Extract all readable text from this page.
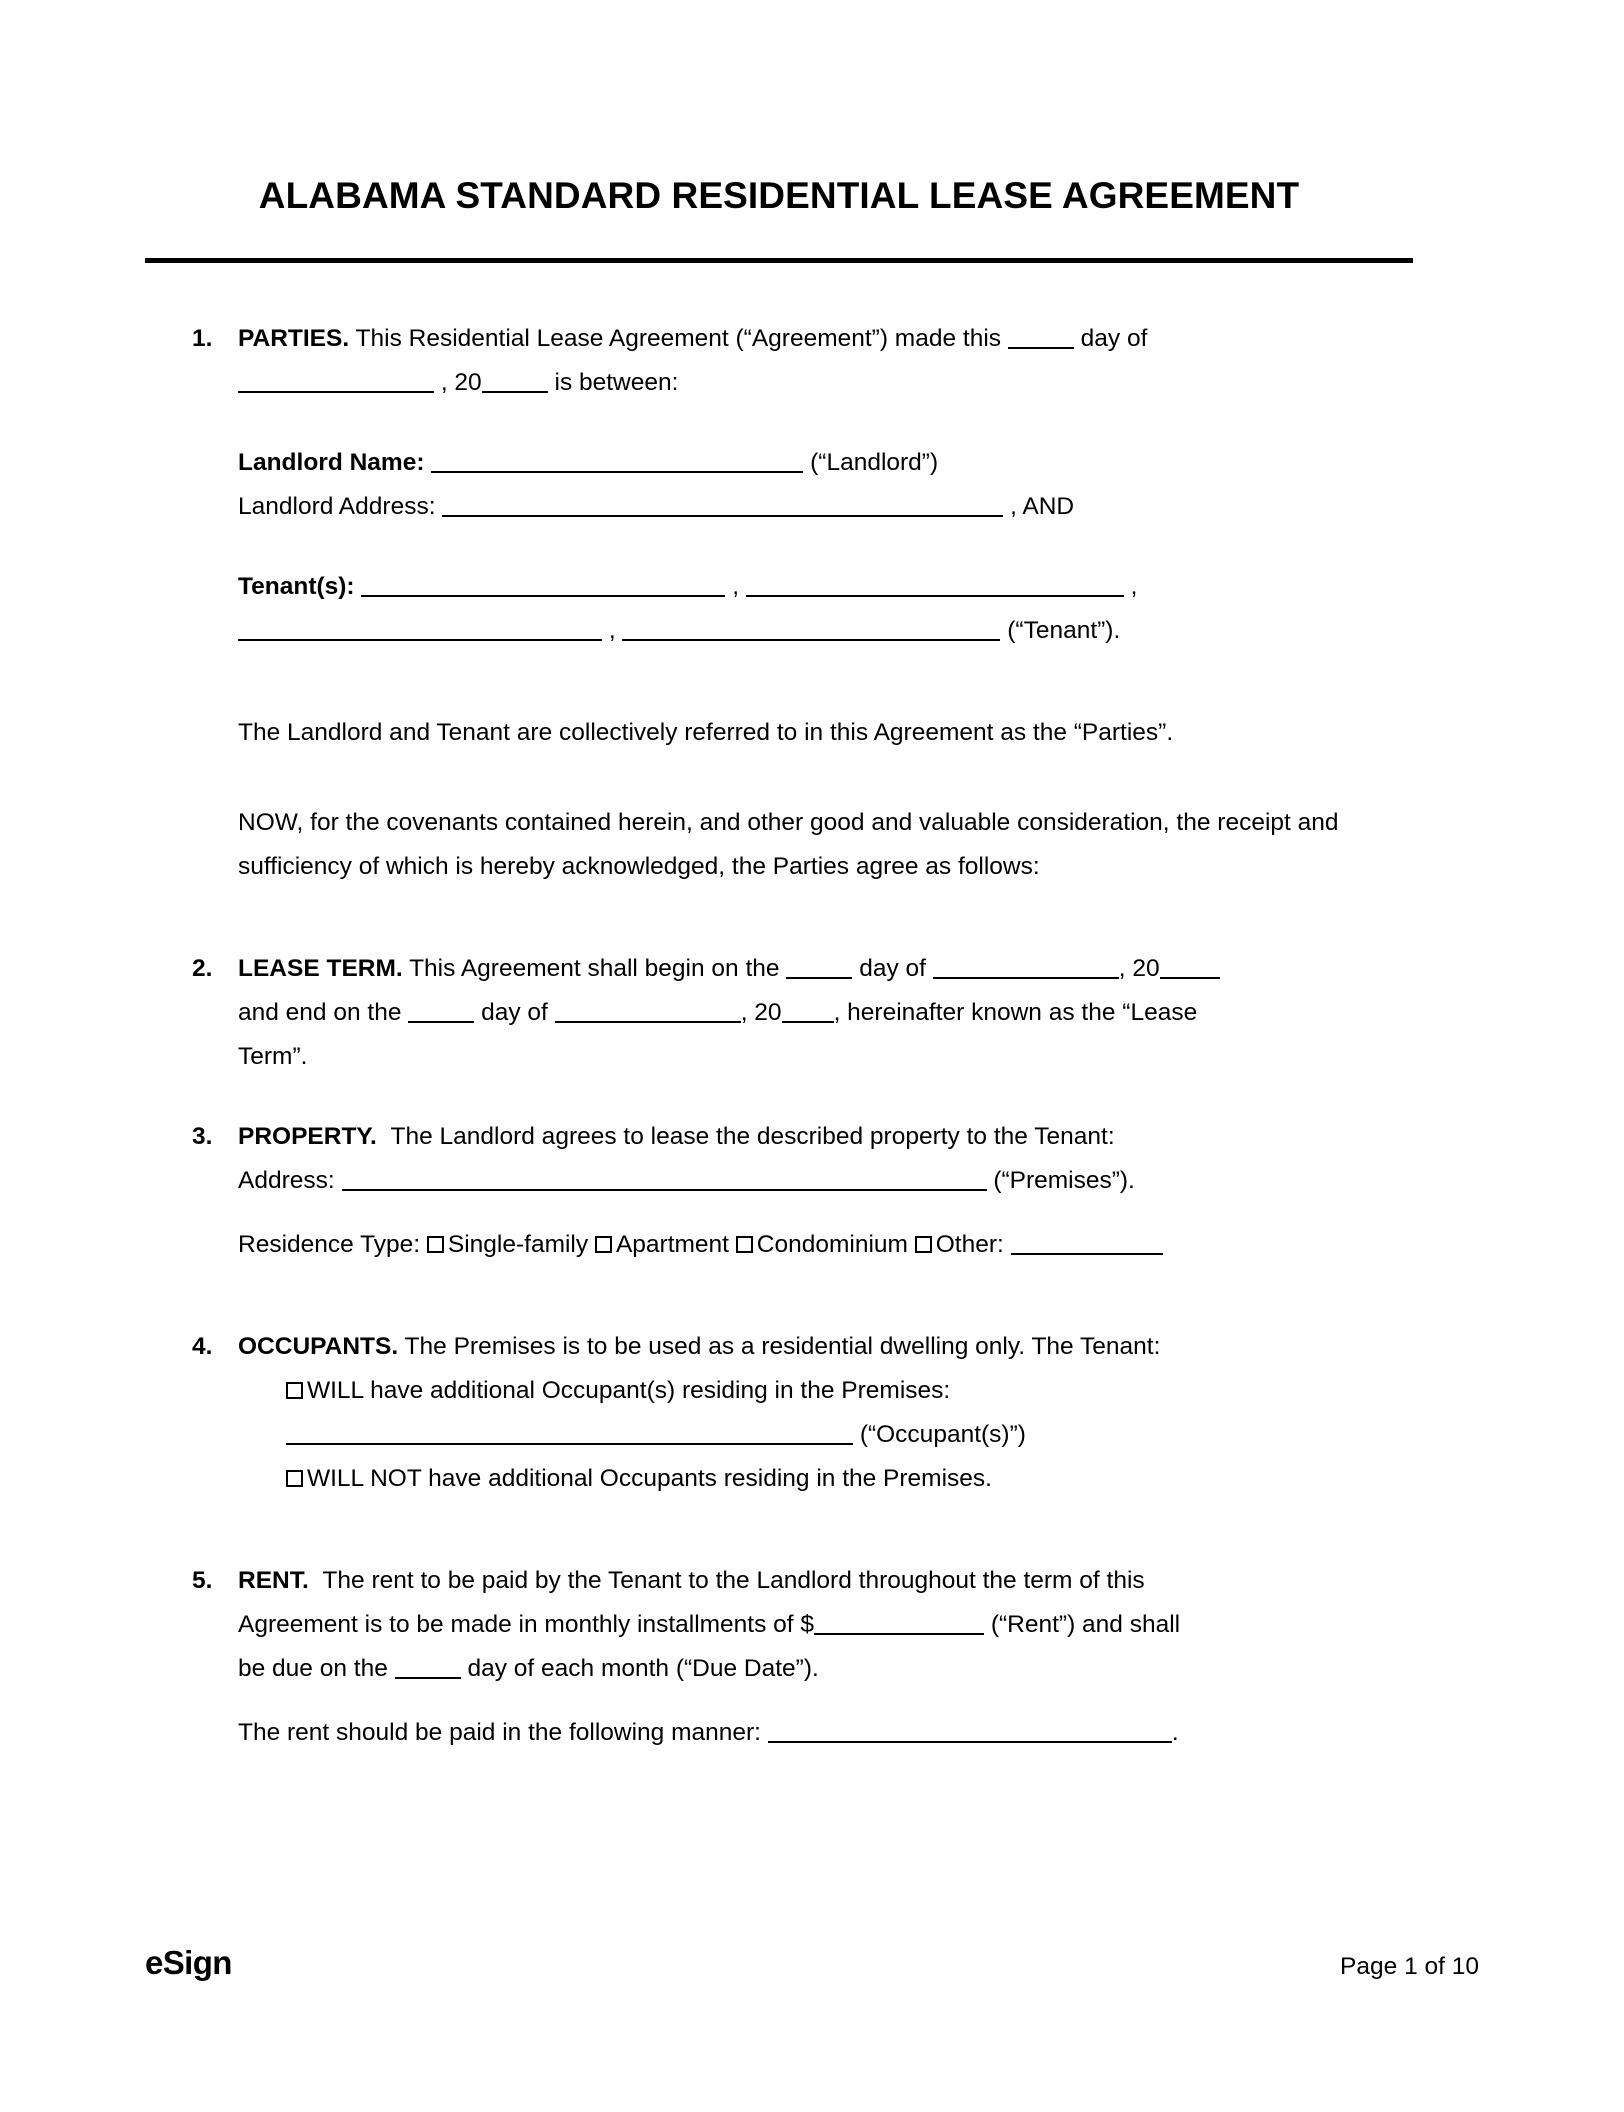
ALABAMA STANDARD RESIDENTIAL LEASE AGREEMENT
1. PARTIES. This Residential Lease Agreement (“Agreement”) made this	day of
, 20	is between:
Landlord Name:	(“Landlord”)
Landlord Address:	, AND
Tenant(s):	,	,
,	(“Tenant”).
The Landlord and Tenant are collectively referred to in this Agreement as the “Parties”.
NOW, for the covenants contained herein, and other good and valuable consideration, the receipt and sufficiency of which is hereby acknowledged, the Parties agree as follows:
2. LEASE TERM. This Agreement shall begin on the	day of	, 20
and end on the	day of	, 20 , hereinafter known as the “Lease
Term”.
3. PROPERTY. The Landlord agrees to lease the described property to the Tenant:
Address:	(“Premises”).
Residence Type: Single-family Apartment Condominium Other:
4. OCCUPANTS. The Premises is to be used as a residential dwelling only. The Tenant:
WILL have additional Occupant(s) residing in the Premises:
(“Occupant(s)”)
WILL NOT have additional Occupants residing in the Premises.
5. RENT. The rent to be paid by the Tenant to the Landlord throughout the term of this
Agreement is to be made in monthly installments of $	(“Rent”) and shall
be due on the	day of each month (“Due Date”).
The rent should be paid in the following manner:	.
eSign	Page 1 of 10
